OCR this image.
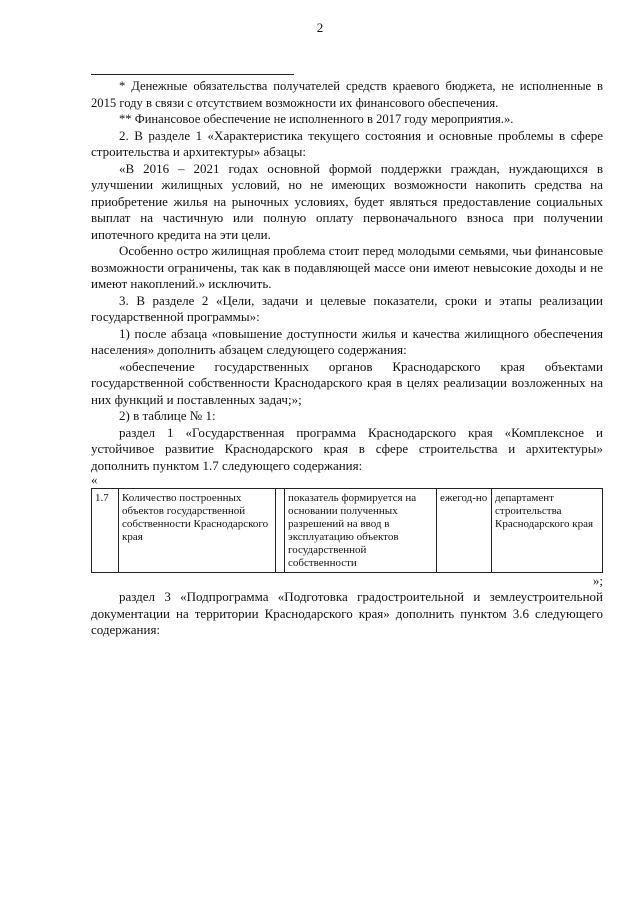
2

* Денежные обязательства получателей средств краевого бюджета, не исполненные в 2015 году в связи с отсутствием возможности их финансового обеспечения.

** Финансовое обеспечение не исполненного в 2017 году мероприятия.».

2. В разделе 1 «Характеристика текущего состояния и основные проблемы в сфере строительства и архитектуры» абзацы:

«В 2016 – 2021 годах основной формой поддержки граждан, нуждающихся в улучшении жилищных условий, но не имеющих возможности накопить средства на приобретение жилья на рыночных условиях, будет являться предоставление социальных выплат на частичную или полную оплату первоначального взноса при получении ипотечного кредита на эти цели.

Особенно остро жилищная проблема стоит перед молодыми семьями, чьи финансовые возможности ограничены, так как в подавляющей массе они имеют невысокие доходы и не имеют накоплений.» исключить.

3. В разделе 2 «Цели, задачи и целевые показатели, сроки и этапы реализации государственной программы»:

1) после абзаца «повышение доступности жилья и качества жилищного обеспечения населения» дополнить абзацем следующего содержания:

«обеспечение государственных органов Краснодарского края объектами государственной собственности Краснодарского края в целях реализации возложенных на них функций и поставленных задач;»;

2) в таблице № 1:

раздел 1 «Государственная программа Краснодарского края «Комплексное и устойчивое развитие Краснодарского края в сфере строительства и архитектуры» дополнить пунктом 1.7 следующего содержания:

«

1.7	Количество построенных объектов государственной собственности Краснодарского края		показатель формируется на основании полученных разрешений на ввод в эксплуатацию объектов государственной собственности	ежегод-но	департамент строительства Краснодарского края

»;

раздел 3 «Подпрограмма «Подготовка градостроительной и землеустроительной документации на территории Краснодарского края» дополнить пунктом 3.6 следующего содержания:
